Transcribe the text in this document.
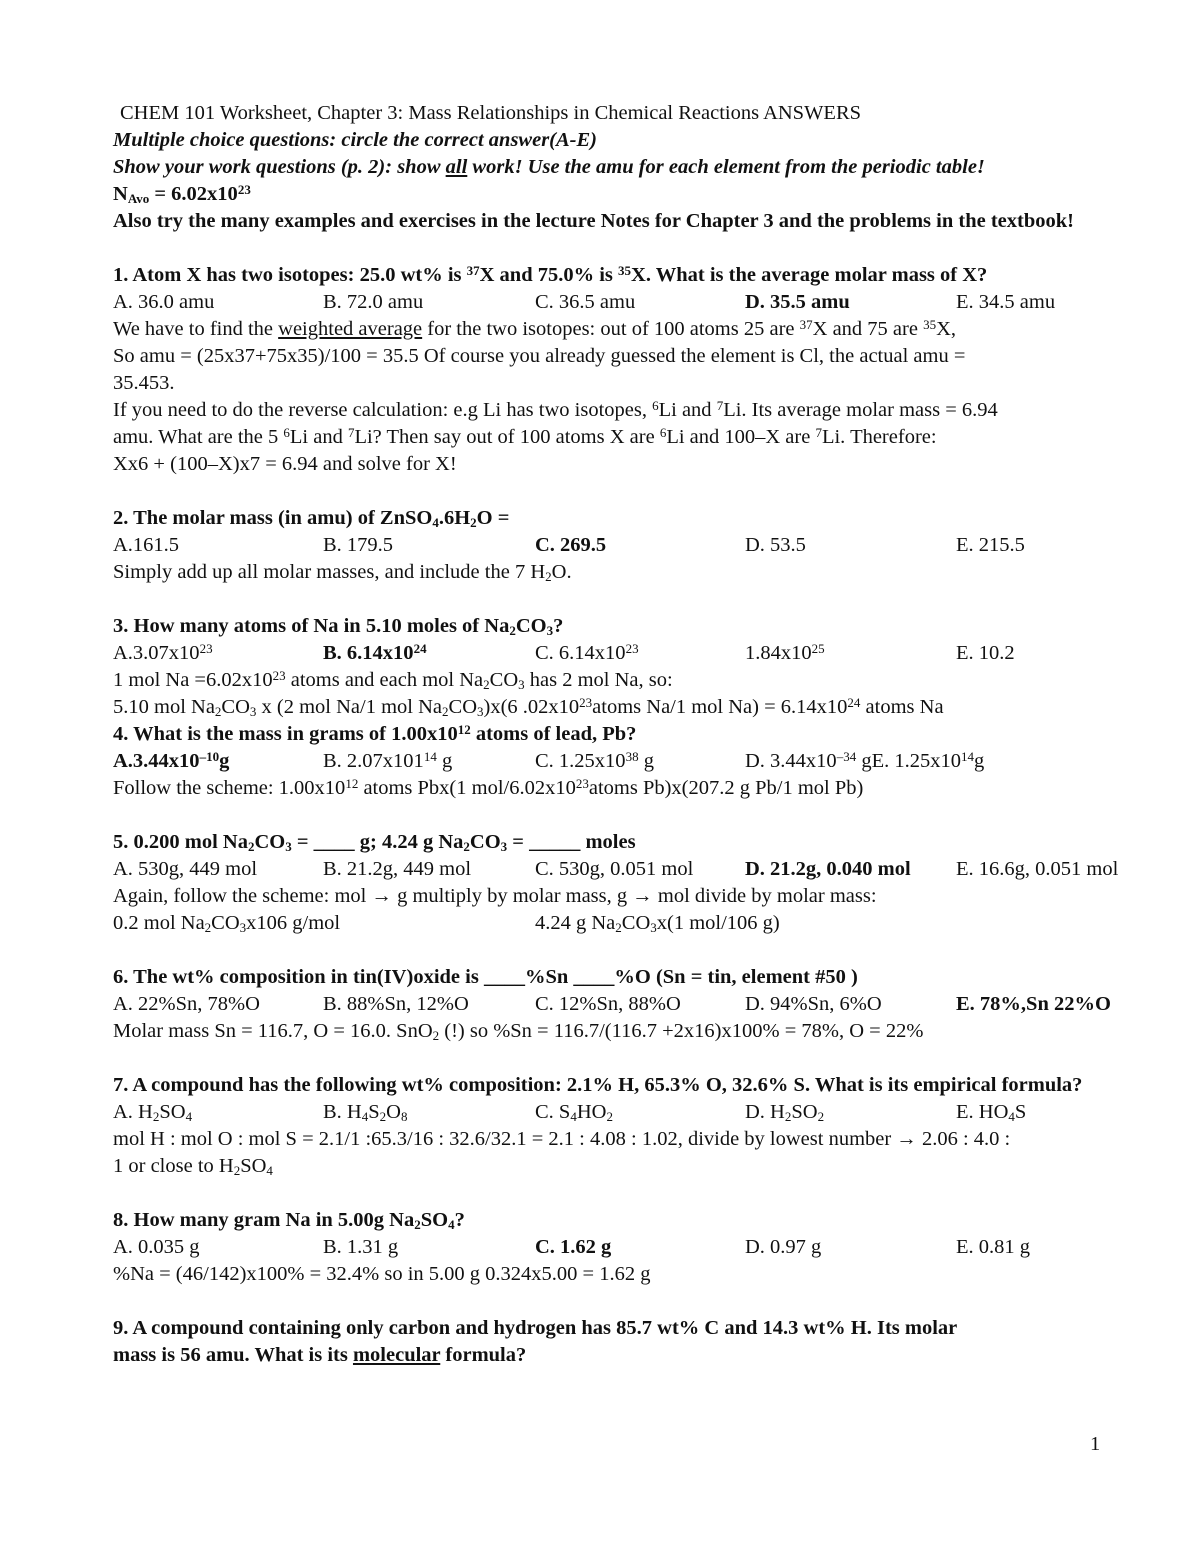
CHEM 101 Worksheet, Chapter 3: Mass Relationships in Chemical Reactions ANSWERS
Multiple choice questions: circle the correct answer(A-E)
Show your work questions (p. 2): show all work! Use the amu for each element from the periodic table!
$N_{Avo} = 6.02x10^{23}$
Also try the many examples and exercises in the lecture Notes for Chapter 3 and the problems in the textbook!
1. Atom X has two isotopes: 25.0 wt% is $^{37}$X and 75.0% is $^{35}$X. What is the average molar mass of X?
A. 36.0 amu	B. 72.0 amu	C. 36.5 amu	D. 35.5 amu	E. 34.5 amu
We have to find the weighted average for the two isotopes: out of 100 atoms 25 are $^{37}$X and 75 are $^{35}$X,
So amu = (25x37+75x35)/100 = 35.5 Of course you already guessed the element is Cl, the actual amu =
35.453.
If you need to do the reverse calculation: e.g Li has two isotopes, $^6$Li and $^7$Li. Its average molar mass = 6.94
amu. What are the 5 $^6$Li and $^7$Li? Then say out of 100 atoms X are $^6$Li and 100–X are $^7$Li. Therefore:
Xx6 + (100–X)x7 = 6.94 and solve for X!
2. The molar mass (in amu) of $ZnSO_4.6H_2O$ =
A.161.5	B. 179.5	C. 269.5	D. 53.5	E. 215.5
Simply add up all molar masses, and include the 7 $H_2O$.
3. How many atoms of Na in 5.10 moles of $Na_2CO_3$?
$A.3.07x10^{23}$	B. $6.14x10^{24}$	C. $6.14x10^{23}$	$1.84x10^{25}$	E. 10.2
1 mol $Na =6.02x10^{23}$ atoms and each mol $Na_2CO_3$ has 2 mol Na, so:
5.10 mol $Na_2CO_3$ x (2 mol Na/1 mol $Na_2CO_3)x(6$ $.02x10^{23}atoms$ Na/1 mol $Na) = 6.14x10^{24}$ atoms Na
4. What is the mass in grams of $1.00x10^{12}$ atoms of lead, Pb?
$A.3.44x10^{-10}g$	B. $2.07x101^{14}$ g	C. $1.25x10^{38}$ g	D. $3.44x10^{-34}$ gE. $1.25x10^{14}g$
Follow the scheme: $1.00x10^{12}$ atoms Pbx(1 mol/$6.02x10^{23}atoms$ Pb)x(207.2 g Pb/1 mol Pb)
5. 0.200 mol $Na_2CO_3$ = ____ g; 4.24 g $Na_2CO_3$ = _____ moles
A. 530g, 449 mol	B. 21.2g, 449 mol	C. 530g, 0.051 mol	D. 21.2g, 0.040 mol	E. 16.6g, 0.051 mol
Again, follow the scheme: mol → g multiply by molar mass, g → mol divide by molar mass:
0.2 mol $Na_2CO_3x106$ g/mol	4.24 g $Na_2CO_3x(1$ mol/106 g)
6. The wt% composition in tin(IV)oxide is ____%Sn ____%O (Sn = tin, element #50 )
A. 22%Sn, 78%O	B. 88%Sn, 12%O	C. 12%Sn, 88%O	D. 94%Sn, 6%O	E. 78%,Sn 22%O
Molar mass Sn = 116.7, O = 16.0. SnO$_2$ (!) so %Sn = 116.7/(116.7 +2x16)x100% = 78%, O = 22%
7. A compound has the following wt% composition: 2.1% H, 65.3% O, 32.6% S. What is its empirical formula?
A. $H_2SO_4$	B. $H_4S_2O_8$	C. $S_4HO_2$	D. $H_2SO_2$	E. $HO_4S$
mol H : mol O : mol S = 2.1/1 :65.3/16 : 32.6/32.1 = 2.1 : 4.08 : 1.02, divide by lowest number → 2.06 : 4.0 :
1 or close to $H_2SO_4$
8. How many gram Na in 5.00g $Na_2SO_4$?
A. 0.035 g	B. 1.31 g	C. 1.62 g	D. 0.97 g	E. 0.81 g
%Na = (46/142)x100% = 32.4% so in 5.00 g 0.324x5.00 = 1.62 g
9. A compound containing only carbon and hydrogen has 85.7 wt% C and 14.3 wt% H. Its molar
mass is 56 amu. What is its molecular formula?
1
